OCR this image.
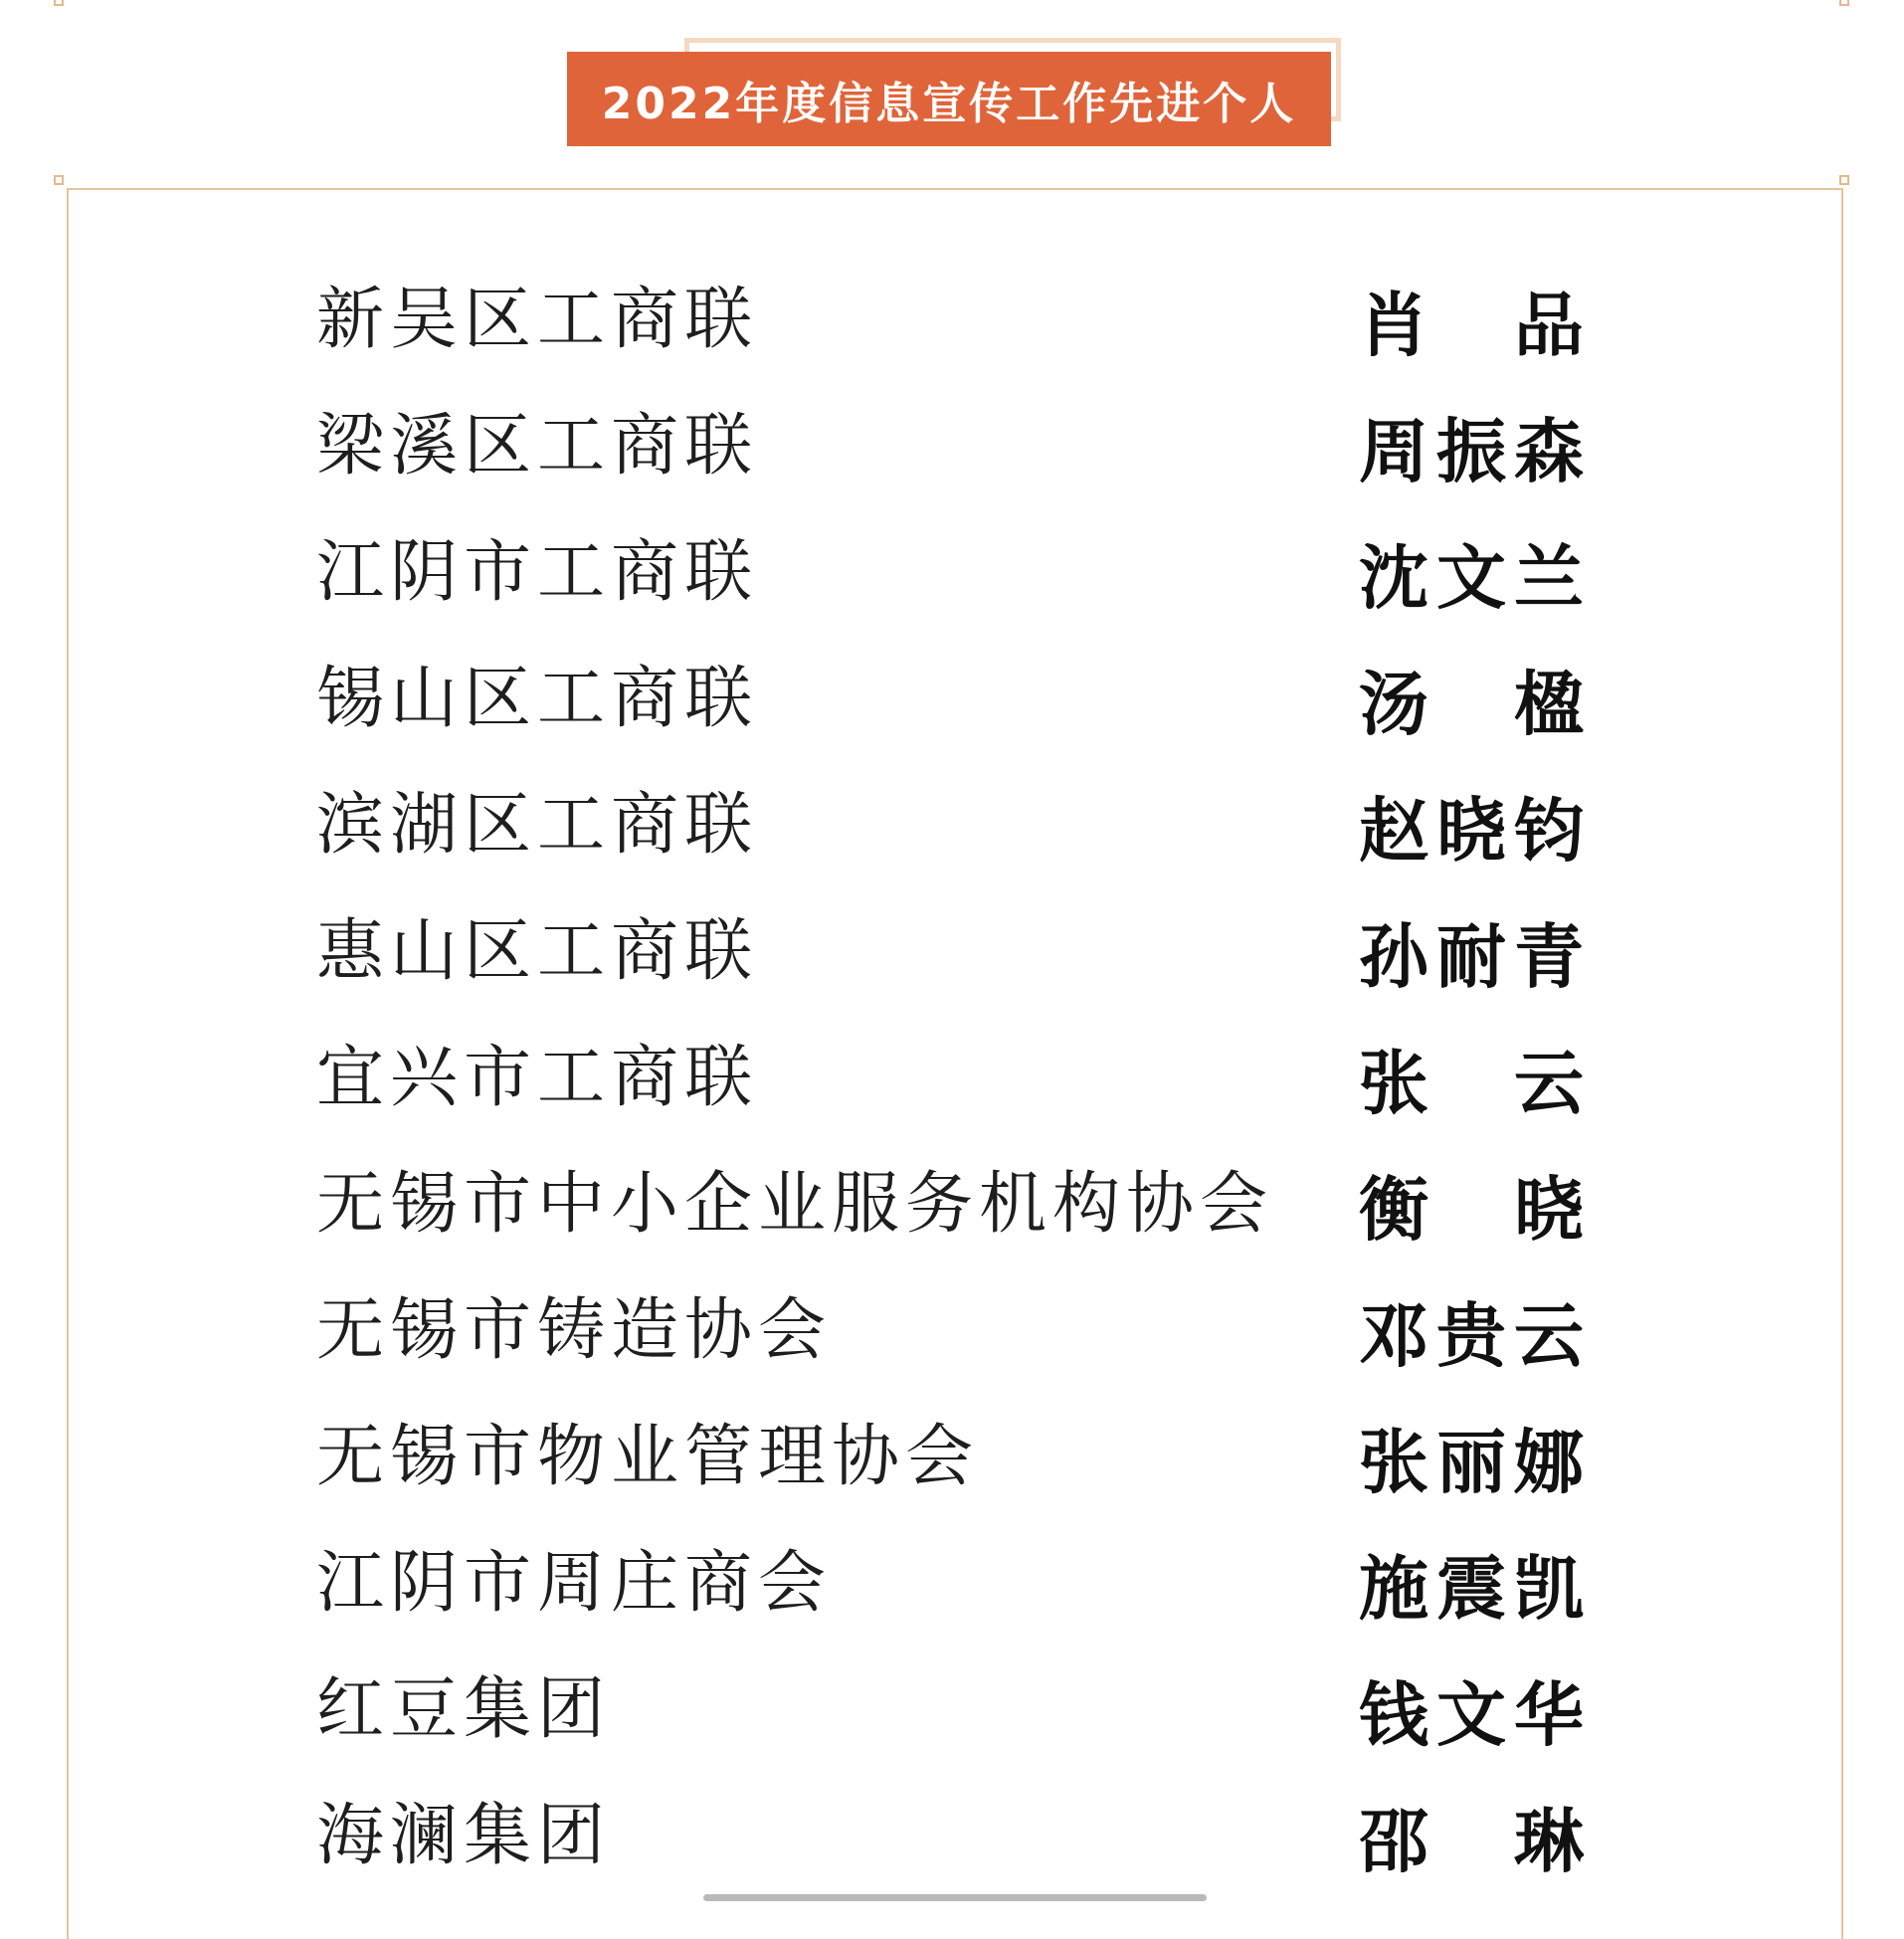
2022年度信息宣传工作先进个人
新吴区工商联	肖 品
梁溪区工商联	周 振 森
江阴市工商联	沈 文 兰
锡山区工商联	汤 楹
滨湖区工商联	赵 晓 钧
惠山区工商联	孙 耐 青
宜兴市工商联	张 云
无锡市中小企业服务机构协会 衡 晓
无锡市铸造协会	邓 贵 云
无锡市物业管理协会	张 丽 娜
江阴市周庄商会	施 震 凯
红豆集团	钱 文 华
海澜集团	邵 琳
